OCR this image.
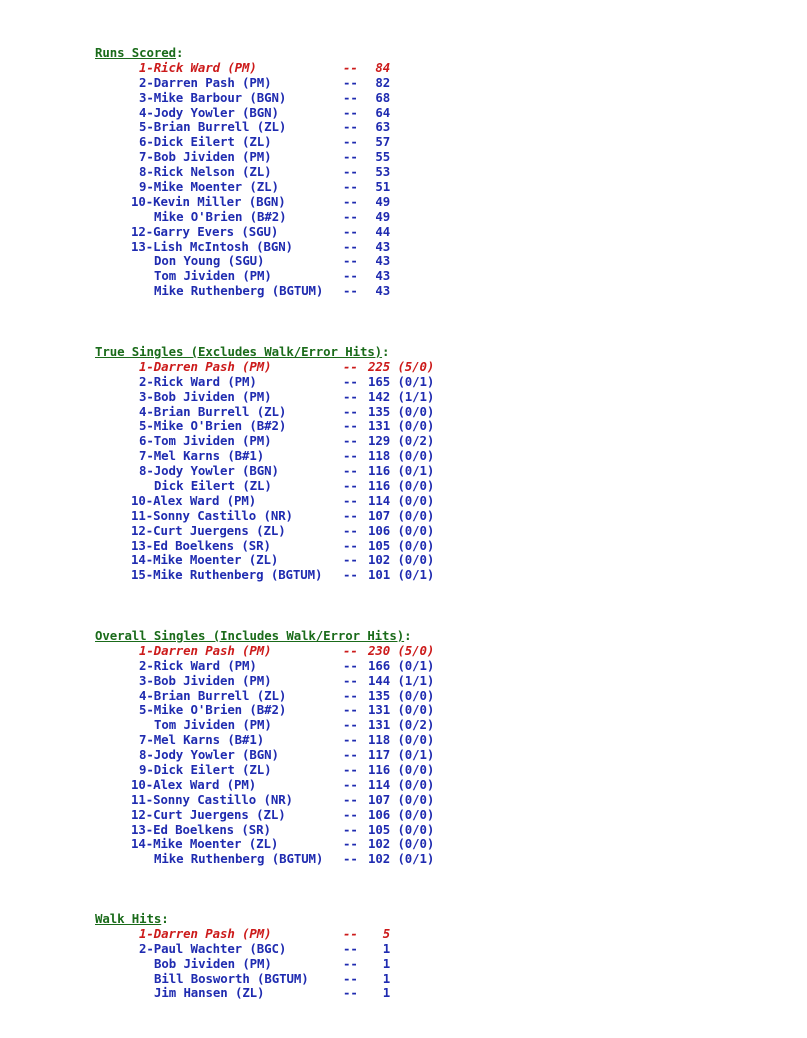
Runs Scored:
1-Rick Ward (PM)	-- 84
2-Darren Pash (PM)	-- 82
3-Mike Barbour (BGN)	-- 68
4-Jody Yowler (BGN)	-- 64
5-Brian Burrell (ZL)	-- 63
6-Dick Eilert (ZL)	-- 57
7-Bob Jividen (PM)	-- 55
8-Rick Nelson (ZL)	-- 53
9-Mike Moenter (ZL)	-- 51
10-Kevin Miller (BGN)	-- 49
Mike O'Brien (B#2)	-- 49
12-Garry Evers (SGU)	-- 44
13-Lish McIntosh (BGN)	-- 43
Don Young (SGU)	-- 43
Tom Jividen (PM)	-- 43
Mike Ruthenberg (BGTUM) -- 43
True Singles (Excludes Walk/Error Hits):
1-Darren Pash (PM)	-- 225 (5/0)
2-Rick Ward (PM)	-- 165 (0/1)
3-Bob Jividen (PM)	-- 142 (1/1)
4-Brian Burrell (ZL)	-- 135 (0/0)
5-Mike O'Brien (B#2)	-- 131 (0/0)
6-Tom Jividen (PM)	-- 129 (0/2)
7-Mel Karns (B#1)	-- 118 (0/0)
8-Jody Yowler (BGN)	-- 116 (0/1)
Dick Eilert (ZL)	-- 116 (0/0)
10-Alex Ward (PM)	-- 114 (0/0)
11-Sonny Castillo (NR)	-- 107 (0/0)
12-Curt Juergens (ZL)	-- 106 (0/0)
13-Ed Boelkens (SR)	-- 105 (0/0)
14-Mike Moenter (ZL)	-- 102 (0/0)
15-Mike Ruthenberg (BGTUM) -- 101 (0/1)
Overall Singles (Includes Walk/Error Hits):
1-Darren Pash (PM)	-- 230 (5/0)
2-Rick Ward (PM)	-- 166 (0/1)
3-Bob Jividen (PM)	-- 144 (1/1)
4-Brian Burrell (ZL)	-- 135 (0/0)
5-Mike O'Brien (B#2)	-- 131 (0/0)
Tom Jividen (PM)	-- 131 (0/2)
7-Mel Karns (B#1)	-- 118 (0/0)
8-Jody Yowler (BGN)	-- 117 (0/1)
9-Dick Eilert (ZL)	-- 116 (0/0)
10-Alex Ward (PM)	-- 114 (0/0)
11-Sonny Castillo (NR)	-- 107 (0/0)
12-Curt Juergens (ZL)	-- 106 (0/0)
13-Ed Boelkens (SR)	-- 105 (0/0)
14-Mike Moenter (ZL)	-- 102 (0/0)
Mike Ruthenberg (BGTUM) -- 102 (0/1)
Walk Hits:
1-Darren Pash (PM)	-- 5
2-Paul Wachter (BGC)	-- 1
Bob Jividen (PM)	-- 1
Bill Bosworth (BGTUM)	-- 1
Jim Hansen (ZL)	-- 1
